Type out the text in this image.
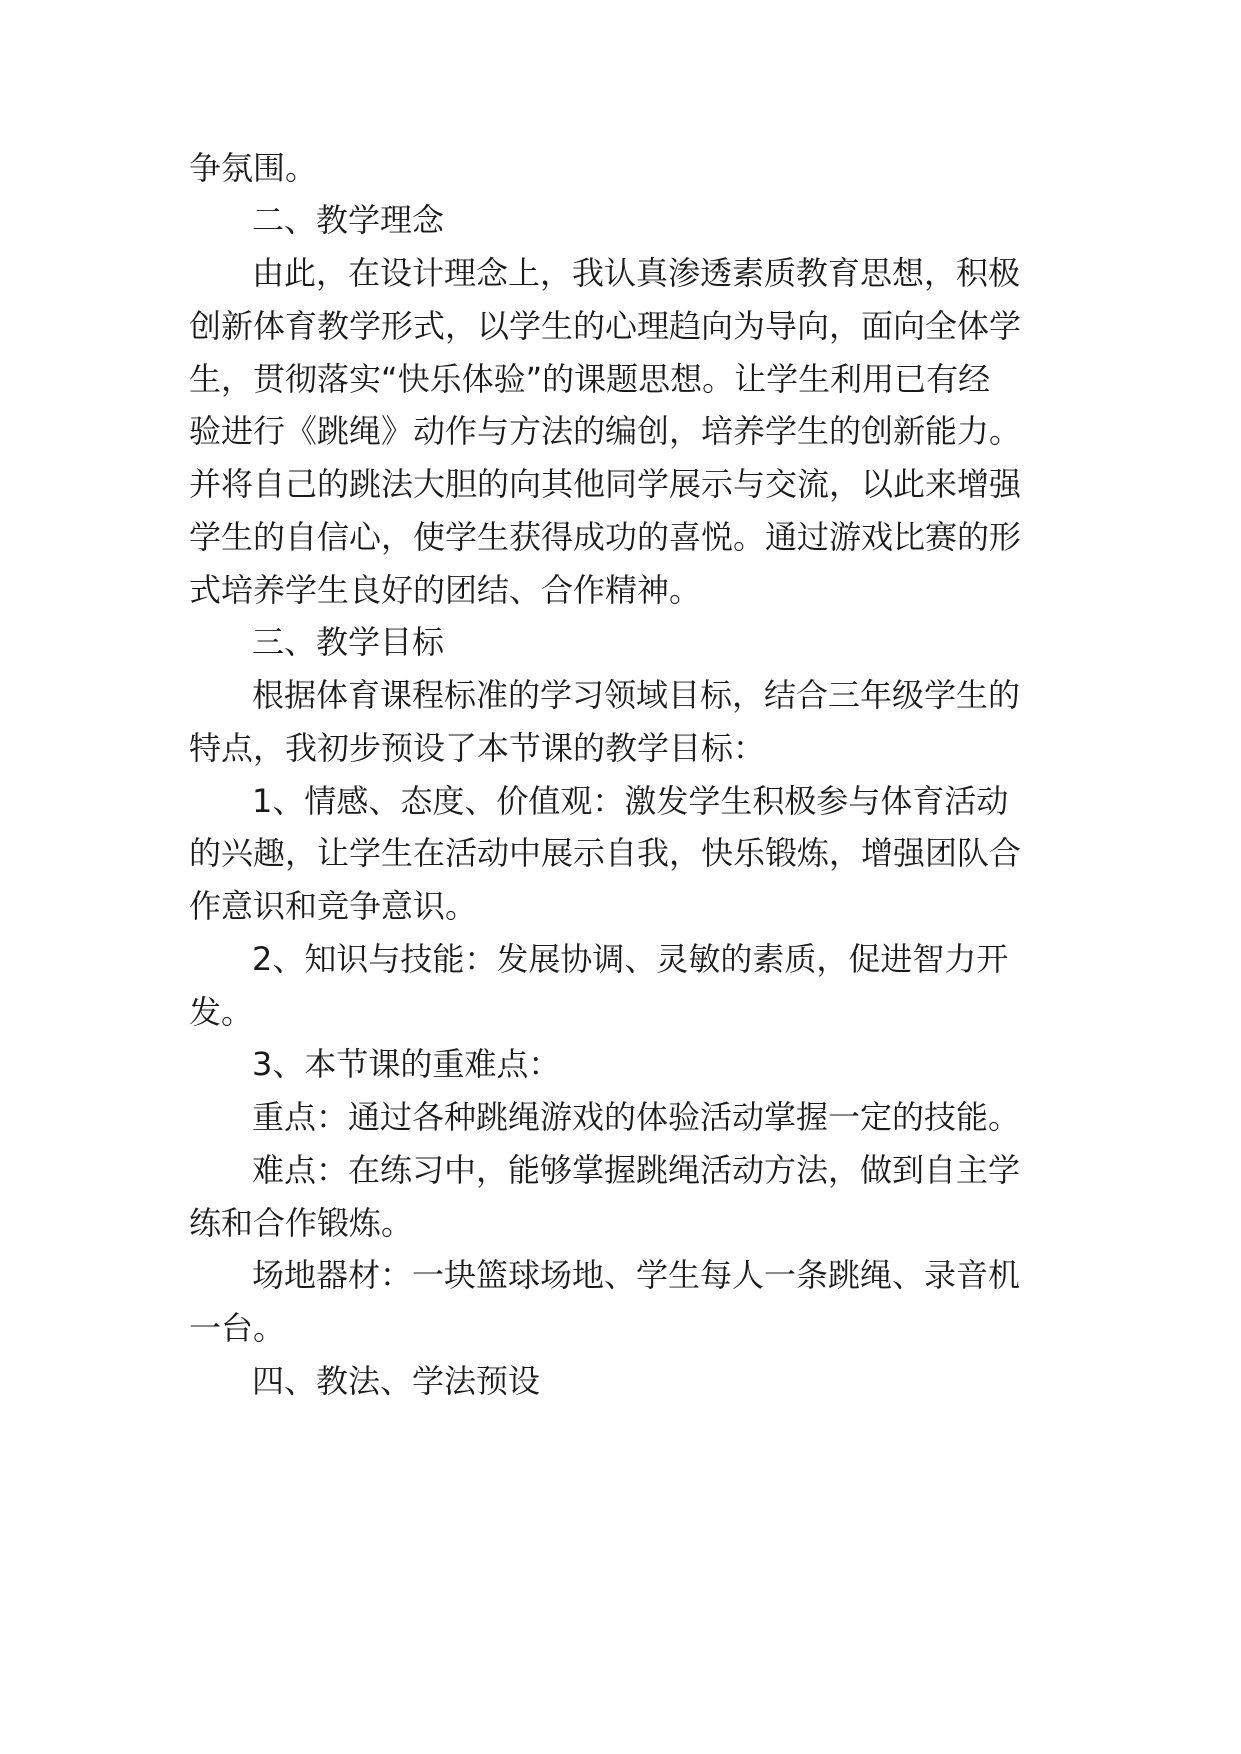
争氛围。
二、教学理念
由此，在设计理念上，我认真渗透素质教育思想，积极
创新体育教学形式，以学生的心理趋向为导向，面向全体学
生，贯彻落实“快乐体验”的课题思想。让学生利用已有经
验进行《跳绳》动作与方法的编创，培养学生的创新能力。
并将自己的跳法大胆的向其他同学展示与交流，以此来增强
学生的自信心，使学生获得成功的喜悦。通过游戏比赛的形
式培养学生良好的团结、合作精神。
三、教学目标
根据体育课程标准的学习领域目标，结合三年级学生的
特点，我初步预设了本节课的教学目标：
1、情感、态度、价值观：激发学生积极参与体育活动
的兴趣，让学生在活动中展示自我，快乐锻炼，增强团队合
作意识和竞争意识。
2、知识与技能：发展协调、灵敏的素质，促进智力开
发。
3、本节课的重难点：
重点：通过各种跳绳游戏的体验活动掌握一定的技能。
难点：在练习中，能够掌握跳绳活动方法，做到自主学
练和合作锻炼。
场地器材：一块篮球场地、学生每人一条跳绳、录音机
一台。
四、教法、学法预设
